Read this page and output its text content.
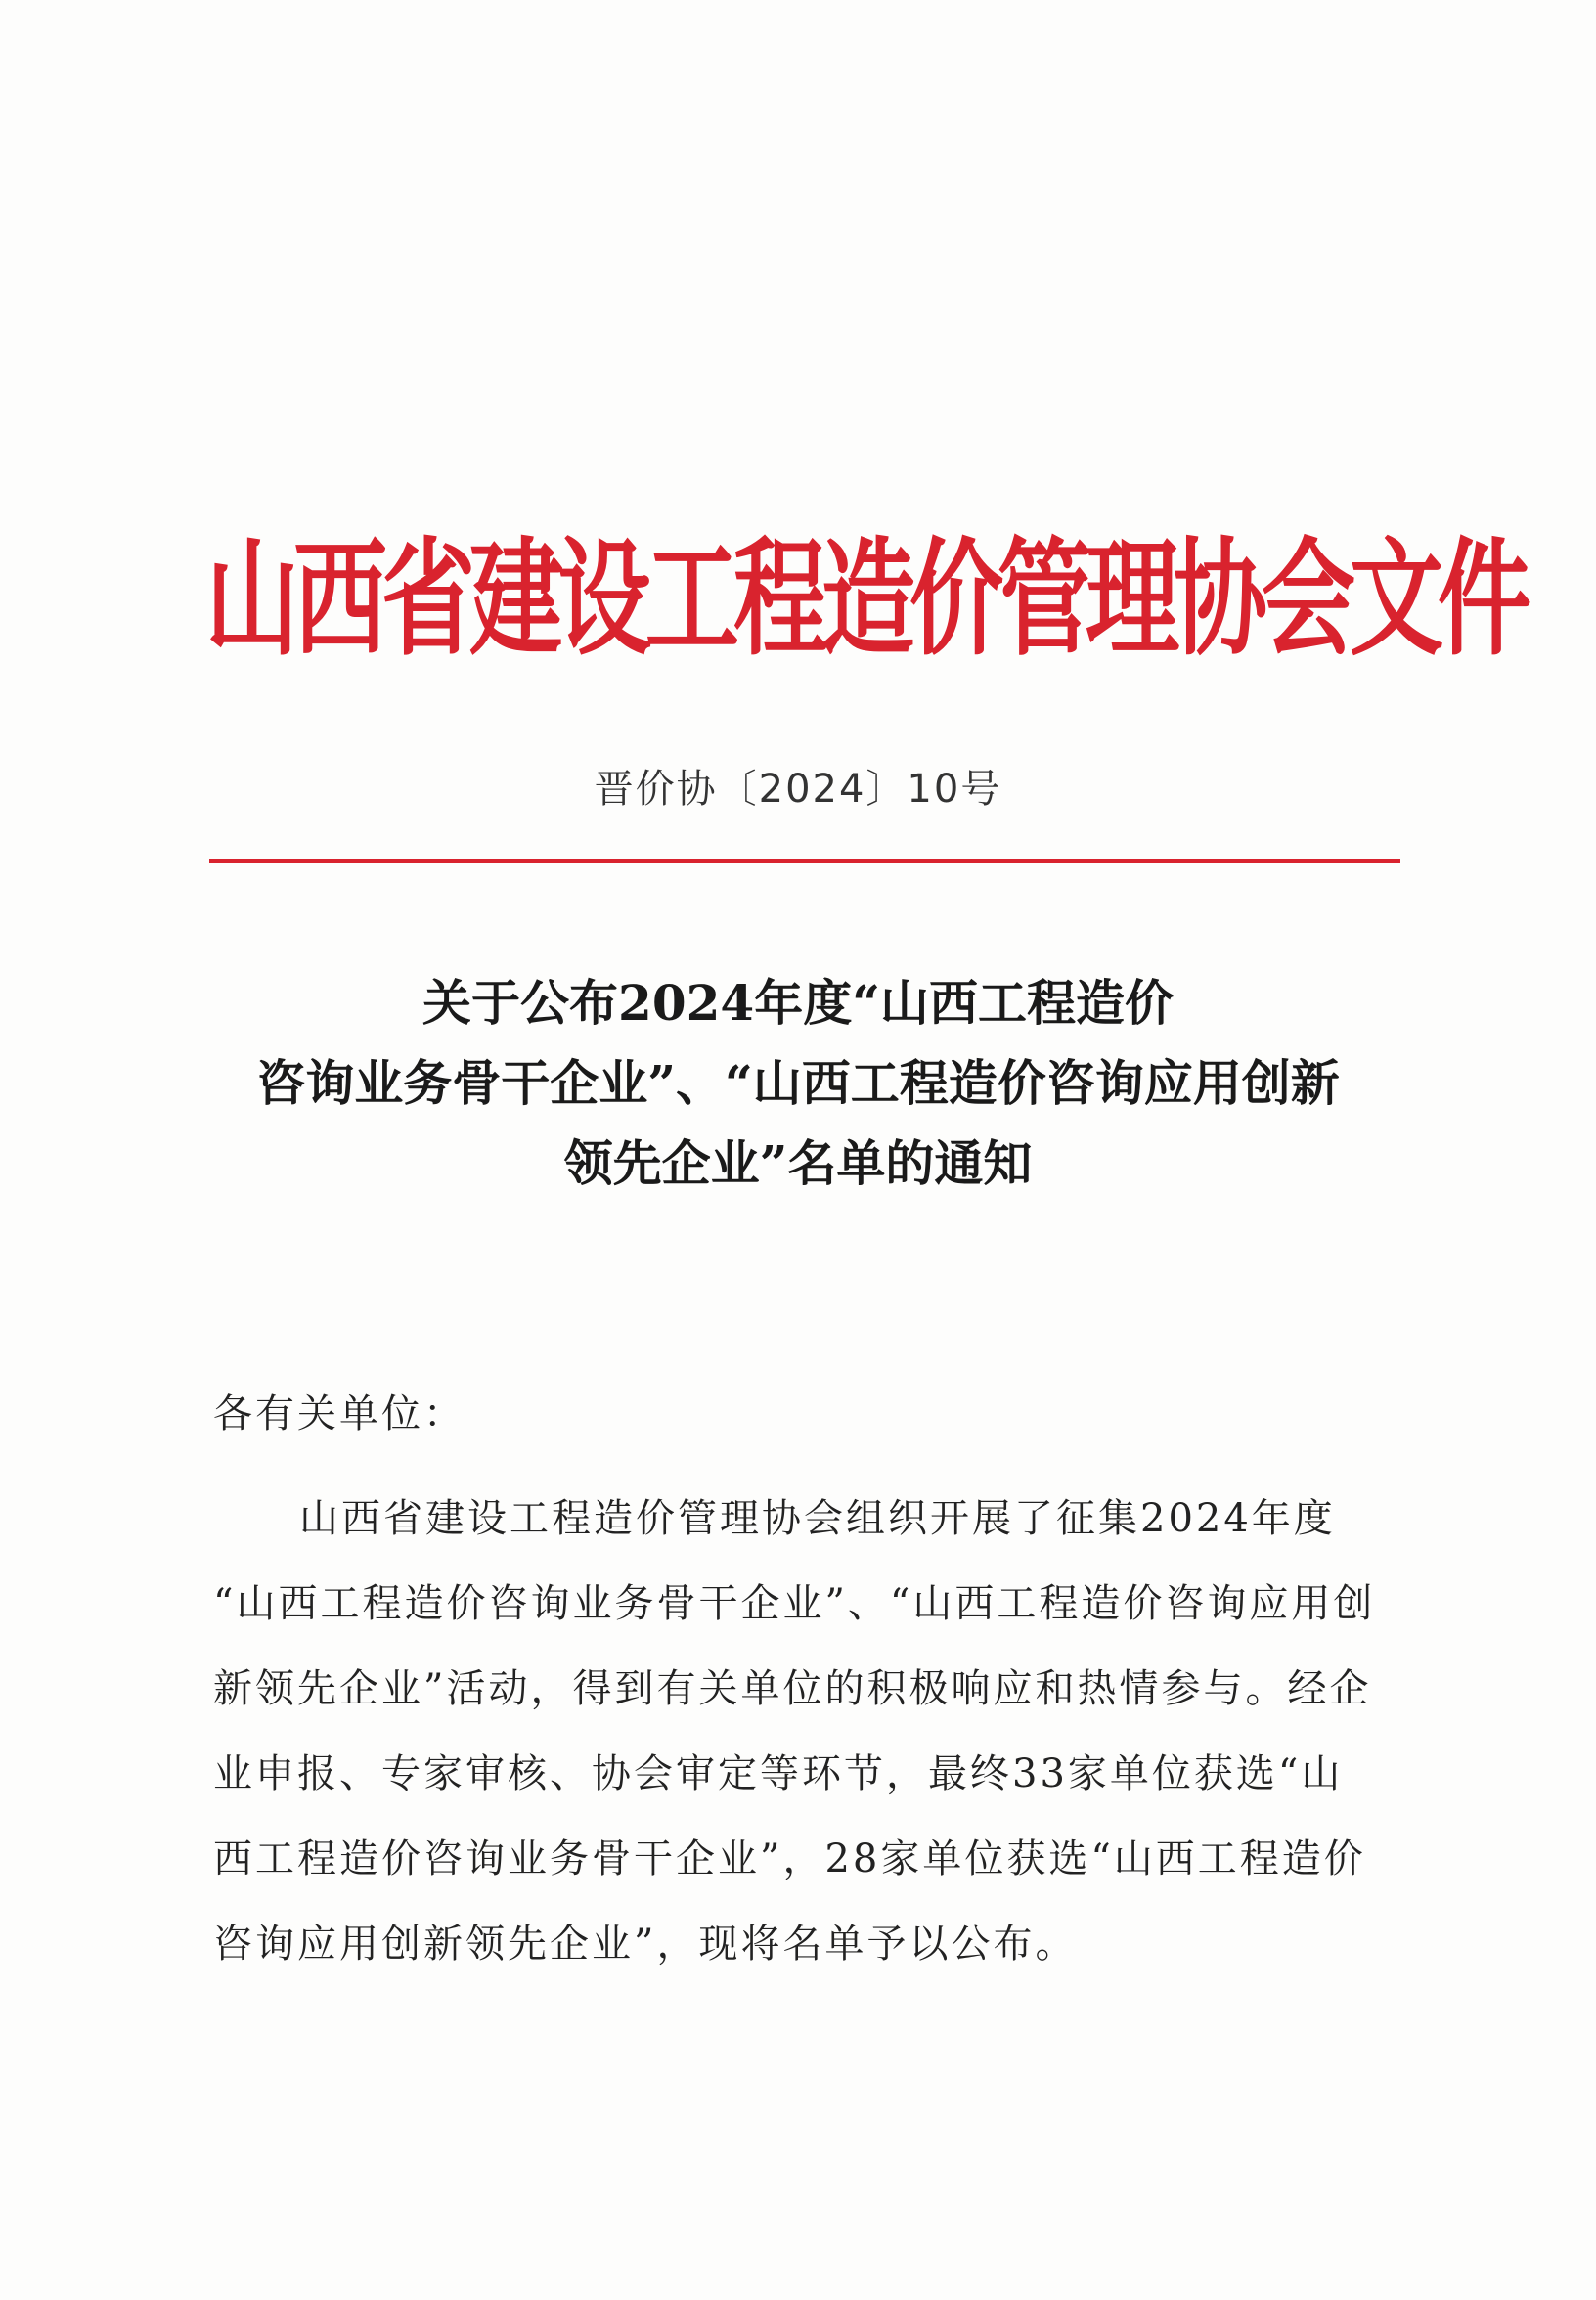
山西省建设工程造价管理协会文件
晋价协〔2024〕10号
关于公布2024年度“山西工程造价
咨询业务骨干企业”、“山西工程造价咨询应用创新
领先企业”名单的通知
各有关单位：
山西省建设工程造价管理协会组织开展了征集2024年度
“山西工程造价咨询业务骨干企业”、“山西工程造价咨询应用创
新领先企业”活动，得到有关单位的积极响应和热情参与。经企
业申报、专家审核、协会审定等环节，最终33家单位获选“山
西工程造价咨询业务骨干企业”，28家单位获选“山西工程造价
咨询应用创新领先企业”，现将名单予以公布。
